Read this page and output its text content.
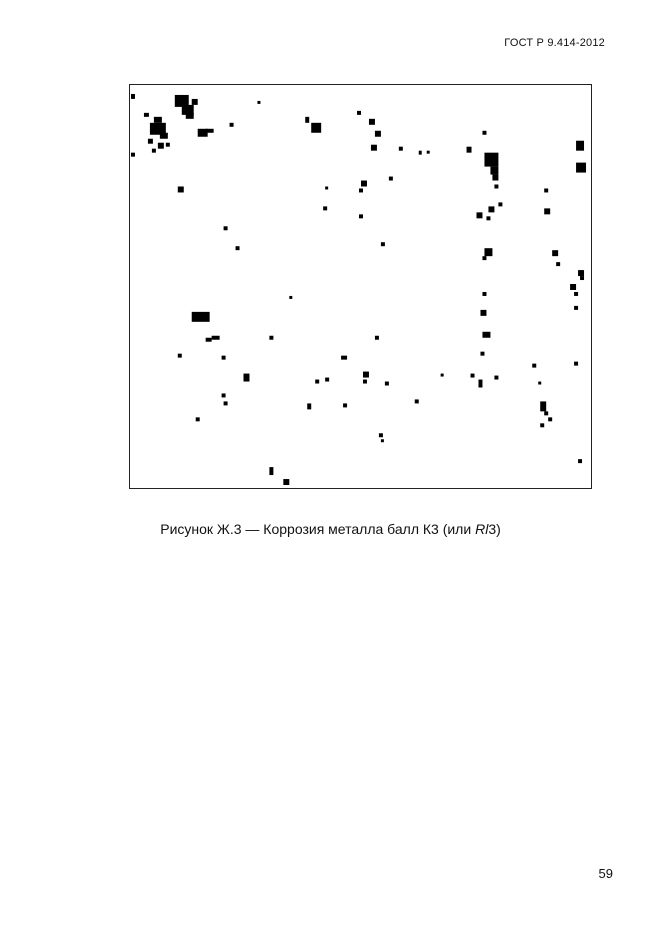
ГОСТ Р 9.414-2012
Рисунок Ж.3 — Коррозия металла балл К3 (или Rl3)
59
